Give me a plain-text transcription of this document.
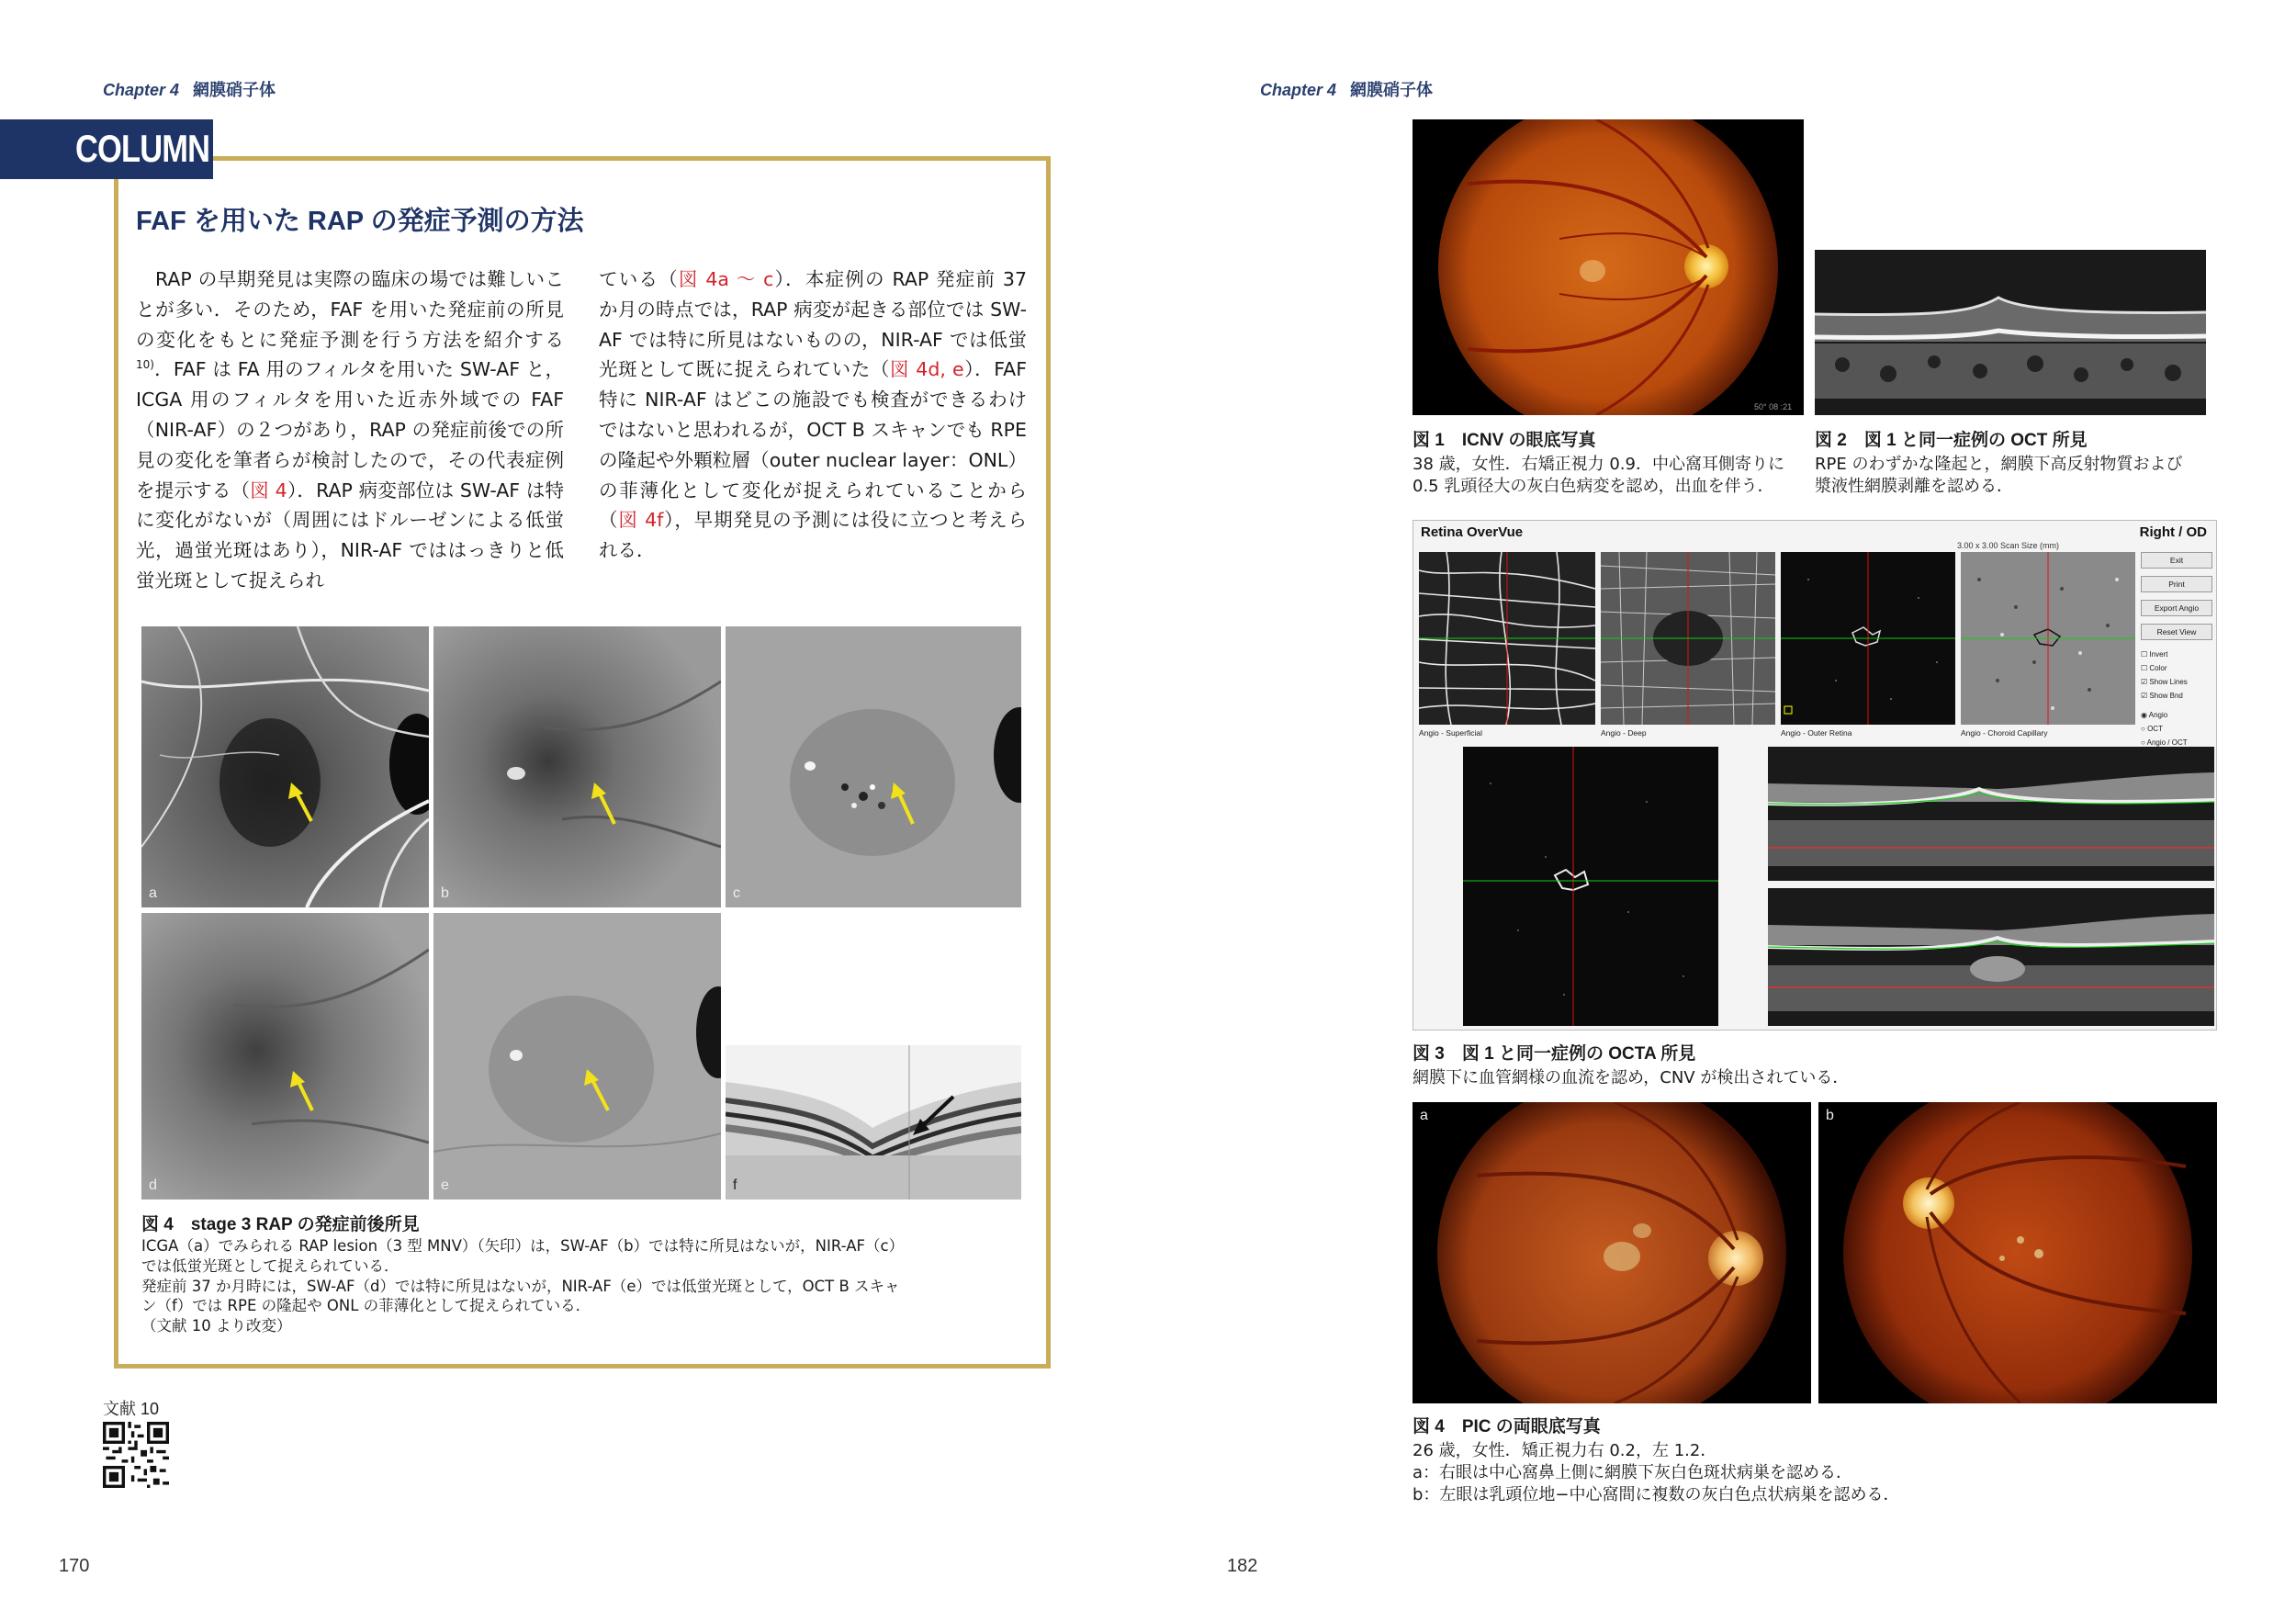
Chapter 4 網膜硝子体
COLUMN
FAF を用いた RAP の発症予測の方法
　RAP の早期発見は実際の臨床の場では難しいことが多い．そのため，FAF を用いた発症前の所見の変化をもとに発症予測を行う方法を紹介する$^{10)}$．FAF は FA 用のフィルタを用いた SW-AF と，ICGA 用のフィルタを用いた近赤外域での FAF（NIR-AF）の２つがあり，RAP の発症前後での所見の変化を筆者らが検討したので，その代表症例を提示する（図 4）．RAP 病変部位は SW-AF は特に変化がないが（周囲にはドルーゼンによる低蛍光，過蛍光斑はあり），NIR-AF でははっきりと低蛍光斑として捉えられ
ている（図 4a 〜 c）．本症例の RAP 発症前 37 か月の時点では，RAP 病変が起きる部位では SW-AF では特に所見はないものの，NIR-AF では低蛍光斑として既に捉えられていた（図 4d, e）．FAF 特に NIR-AF はどこの施設でも検査ができるわけではないと思われるが，OCT B スキャンでも RPE の隆起や外顆粒層（outer nuclear layer：ONL）の菲薄化として変化が捉えられていることから（図 4f），早期発見の予測には役に立つと考えられる．
a	b	c
d	e	f
図 4　stage 3 RAP の発症前後所見
ICGA（a）でみられる RAP lesion（3 型 MNV）（矢印）は，SW-AF（b）では特に所見はないが，NIR-AF（c）
では低蛍光斑として捉えられている．
発症前 37 か月時には，SW-AF（d）では特に所見はないが，NIR-AF（e）では低蛍光斑として，OCT B スキャ
ン（f）では RPE の隆起や ONL の菲薄化として捉えられている．
（文献 10 より改変）
文献 10
170
Chapter 4 網膜硝子体
50° 08 :21
図 1　ICNV の眼底写真
38 歳，女性．右矯正視力 0.9．中心窩耳側寄りに
0.5 乳頭径大の灰白色病変を認め，出血を伴う．
図 2　図 1 と同一症例の OCT 所見
RPE のわずかな隆起と，網膜下高反射物質および
漿液性網膜剥離を認める．
Retina OverVue	Right / OD
3.00 x 3.00 Scan Size (mm)
Angio - Superficial	Angio - Deep	Angio - Outer Retina	Angio - Choroid Capillary
Exit
Print
Export Angio
Reset View
☐ Invert
☐ Color
☑ Show Lines
☑ Show Bnd
◉ Angio
○ OCT
○ Angio / OCT
図 3　図 1 と同一症例の OCTA 所見
網膜下に血管網様の血流を認め，CNV が検出されている．
a	b
図 4　PIC の両眼底写真
26 歳，女性．矯正視力右 0.2，左 1.2．
a：右眼は中心窩鼻上側に網膜下灰白色斑状病巣を認める．
b：左眼は乳頭位地−中心窩間に複数の灰白色点状病巣を認める．
182
